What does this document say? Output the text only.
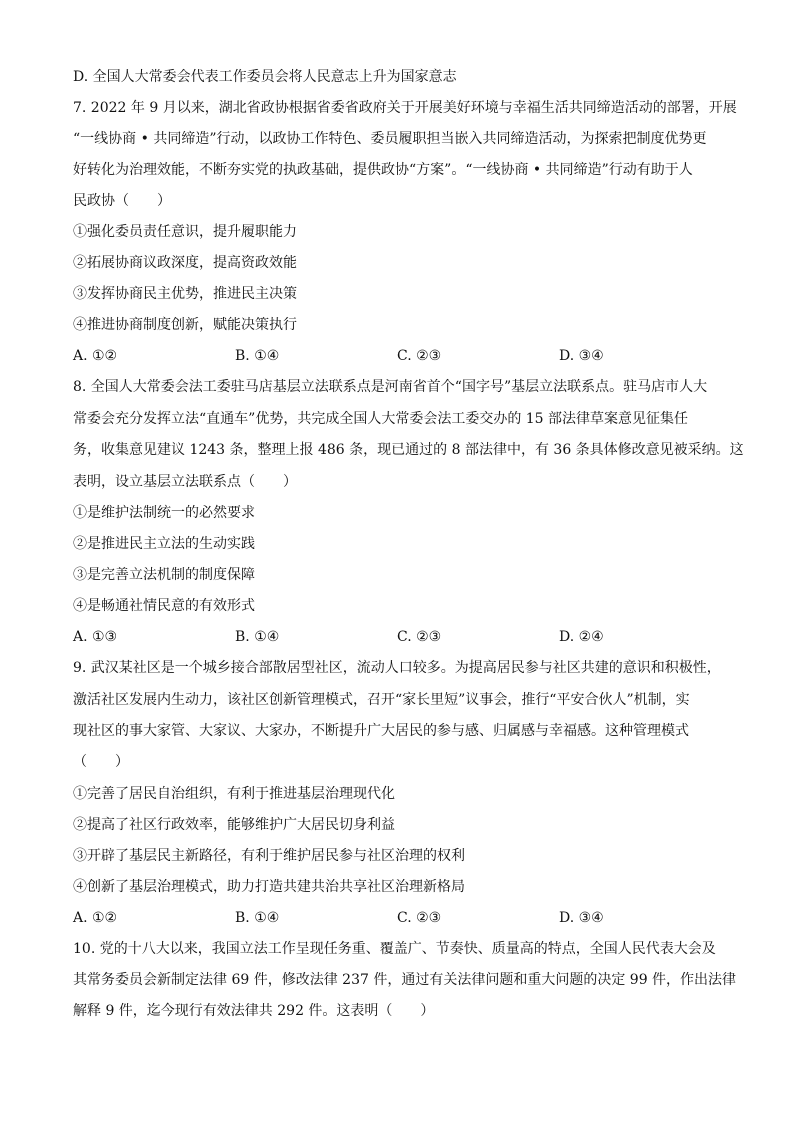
D. 全国人大常委会代表工作委员会将人民意志上升为国家意志
7. 2022 年 9 月以来，湖北省政协根据省委省政府关于开展美好环境与幸福生活共同缔造活动的部署，开展
“一线协商 • 共同缔造”行动，以政协工作特色、委员履职担当嵌入共同缔造活动，为探索把制度优势更
好转化为治理效能，不断夯实党的执政基础，提供政协“方案”。“一线协商 • 共同缔造”行动有助于人
民政协（　　）
①强化委员责任意识，提升履职能力
②拓展协商议政深度，提高资政效能
③发挥协商民主优势，推进民主决策
④推进协商制度创新，赋能决策执行
A. ①②	B. ①④	C. ②③	D. ③④
8. 全国人大常委会法工委驻马店基层立法联系点是河南省首个“国字号”基层立法联系点。驻马店市人大
常委会充分发挥立法“直通车”优势，共完成全国人大常委会法工委交办的 15 部法律草案意见征集任
务，收集意见建议 1243 条，整理上报 486 条，现已通过的 8 部法律中，有 36 条具体修改意见被采纳。这
表明，设立基层立法联系点（　　）
①是维护法制统一的必然要求
②是推进民主立法的生动实践
③是完善立法机制的制度保障
④是畅通社情民意的有效形式
A. ①③	B. ①④	C. ②③	D. ②④
9. 武汉某社区是一个城乡接合部散居型社区，流动人口较多。为提高居民参与社区共建的意识和积极性，
激活社区发展内生动力，该社区创新管理模式，召开“家长里短”议事会，推行“平安合伙人”机制，实
现社区的事大家管、大家议、大家办，不断提升广大居民的参与感、归属感与幸福感。这种管理模式
（　　）
①完善了居民自治组织，有利于推进基层治理现代化
②提高了社区行政效率，能够维护广大居民切身利益
③开辟了基层民主新路径，有利于维护居民参与社区治理的权利
④创新了基层治理模式，助力打造共建共治共享社区治理新格局
A. ①②	B. ①④	C. ②③	D. ③④
10. 党的十八大以来，我国立法工作呈现任务重、覆盖广、节奏快、质量高的特点，全国人民代表大会及
其常务委员会新制定法律 69 件，修改法律 237 件，通过有关法律问题和重大问题的决定 99 件，作出法律
解释 9 件，迄今现行有效法律共 292 件。这表明（　　）
